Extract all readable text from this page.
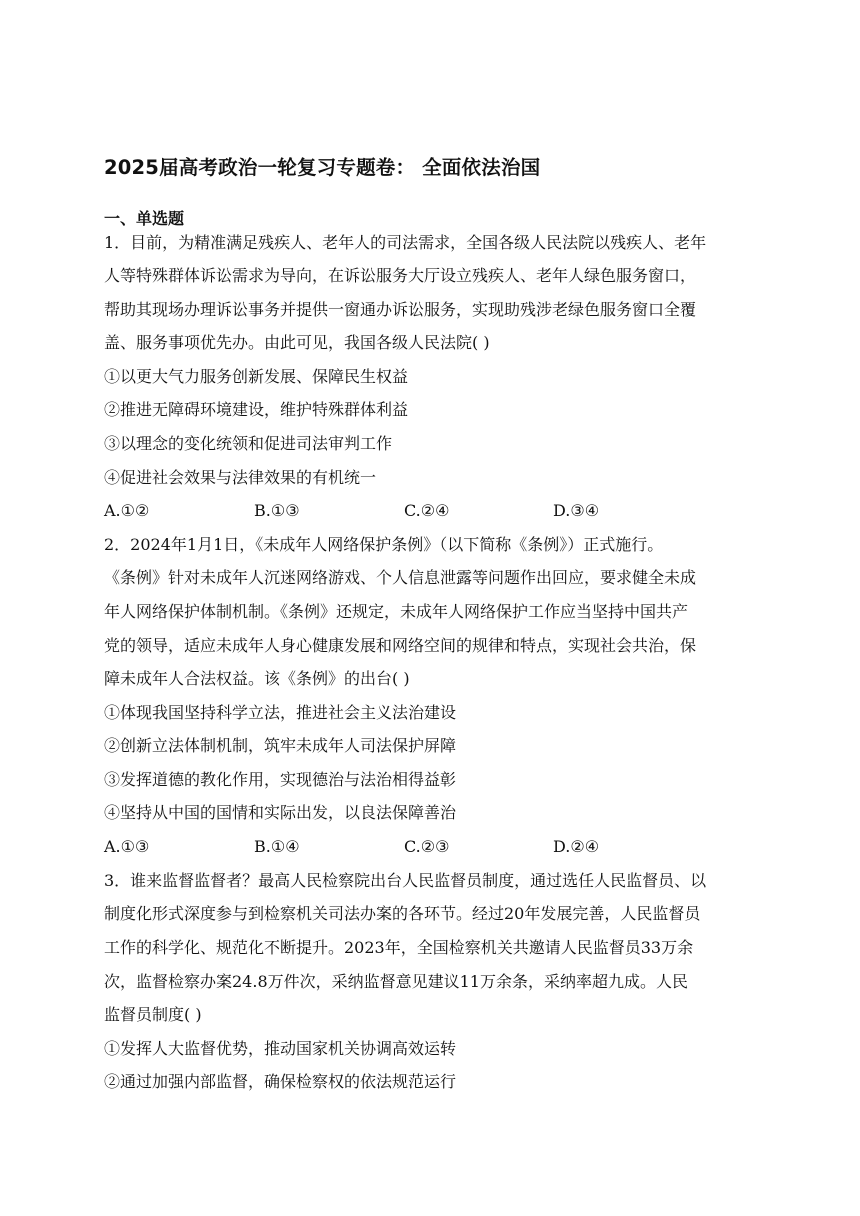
2025届高考政治一轮复习专题卷： 全面依法治国
一、单选题
1．目前，为精准满足残疾人、老年人的司法需求，全国各级人民法院以残疾人、老年
人等特殊群体诉讼需求为导向，在诉讼服务大厅设立残疾人、老年人绿色服务窗口，
帮助其现场办理诉讼事务并提供一窗通办诉讼服务，实现助残涉老绿色服务窗口全覆
盖、服务事项优先办。由此可见，我国各级人民法院( )
①以更大气力服务创新发展、保障民生权益
②推进无障碍环境建设，维护特殊群体利益
③以理念的变化统领和促进司法审判工作
④促进社会效果与法律效果的有机统一
A.①②	B.①③	C.②④	D.③④
2．2024年1月1日，《未成年人网络保护条例》（以下简称《条例》）正式施行。
《条例》针对未成年人沉迷网络游戏、个人信息泄露等问题作出回应，要求健全未成
年人网络保护体制机制。《条例》还规定，未成年人网络保护工作应当坚持中国共产
党的领导，适应未成年人身心健康发展和网络空间的规律和特点，实现社会共治，保
障未成年人合法权益。该《条例》的出台( )
①体现我国坚持科学立法，推进社会主义法治建设
②创新立法体制机制，筑牢未成年人司法保护屏障
③发挥道德的教化作用，实现德治与法治相得益彰
④坚持从中国的国情和实际出发，以良法保障善治
A.①③	B.①④	C.②③	D.②④
3．谁来监督监督者？最高人民检察院出台人民监督员制度，通过选任人民监督员、以
制度化形式深度参与到检察机关司法办案的各环节。经过20年发展完善，人民监督员
工作的科学化、规范化不断提升。2023年，全国检察机关共邀请人民监督员33万余
次，监督检察办案24.8万件次，采纳监督意见建议11万余条，采纳率超九成。人民
监督员制度( )
①发挥人大监督优势，推动国家机关协调高效运转
②通过加强内部监督，确保检察权的依法规范运行
